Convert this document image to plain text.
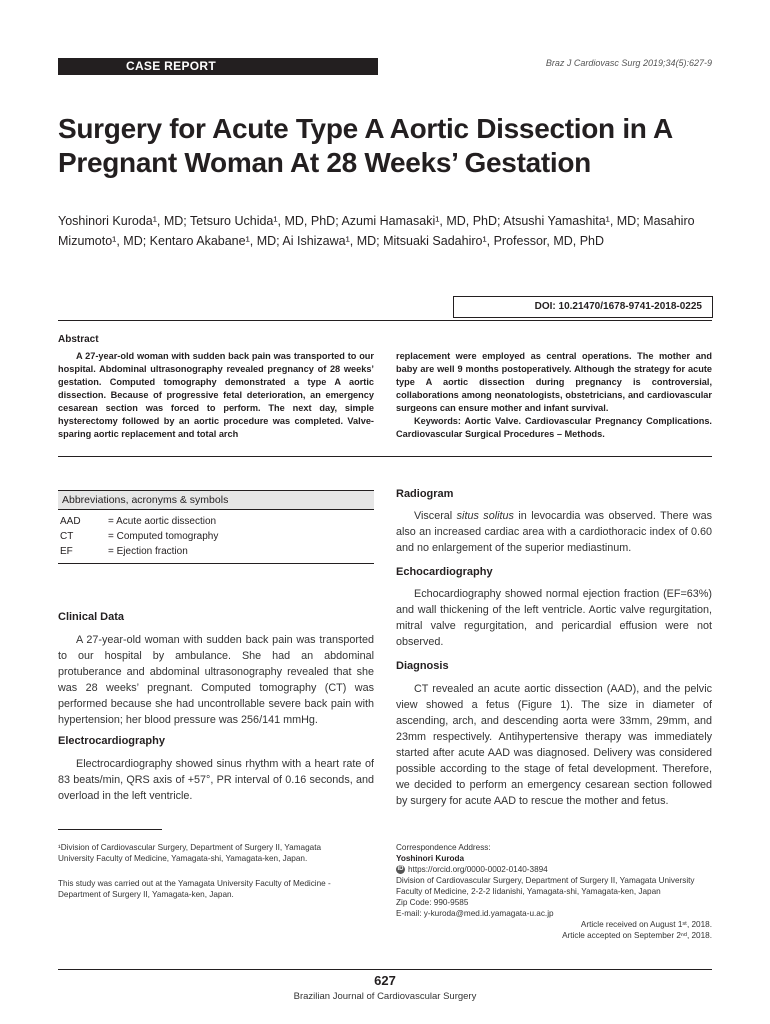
CASE REPORT	Braz J Cardiovasc Surg 2019;34(5):627-9
Surgery for Acute Type A Aortic Dissection in A Pregnant Woman At 28 Weeks’ Gestation
Yoshinori Kuroda¹, MD; Tetsuro Uchida¹, MD, PhD; Azumi Hamasaki¹, MD, PhD; Atsushi Yamashita¹, MD; Masahiro Mizumoto¹, MD; Kentaro Akabane¹, MD; Ai Ishizawa¹, MD; Mitsuaki Sadahiro¹, Professor, MD, PhD
DOI: 10.21470/1678-9741-2018-0225
Abstract
A 27-year-old woman with sudden back pain was transported to our hospital. Abdominal ultrasonography revealed pregnancy of 28 weeks’ gestation. Computed tomography demonstrated a type A aortic dissection. Because of progressive fetal deterioration, an emergency cesarean section was forced to perform. The next day, simple hysterectomy followed by an aortic procedure was completed. Valve-sparing aortic replacement and total arch
replacement were employed as central operations. The mother and baby are well 9 months postoperatively. Although the strategy for acute type A aortic dissection during pregnancy is controversial, collaborations among neonatologists, obstetricians, and cardiovascular surgeons can ensure mother and infant survival.
Keywords: Aortic Valve. Cardiovascular Pregnancy Complications. Cardiovascular Surgical Procedures – Methods.
Abbreviations, acronyms & symbols
AAD	= Acute aortic dissection
CT	= Computed tomography
EF	= Ejection fraction
Clinical Data
A 27-year-old woman with sudden back pain was transported to our hospital by ambulance. She had an abdominal protuberance and abdominal ultrasonography revealed that she was 28 weeks’ pregnant. Computed tomography (CT) was performed because she had uncontrollable severe back pain with hypertension; her blood pressure was 256/141 mmHg.
Electrocardiography
Electrocardiography showed sinus rhythm with a heart rate of 83 beats/min, QRS axis of +57°, PR interval of 0.16 seconds, and overload in the left ventricle.
Radiogram
Visceral situs solitus in levocardia was observed. There was also an increased cardiac area with a cardiothoracic index of 0.60 and no enlargement of the superior mediastinum.
Echocardiography
Echocardiography showed normal ejection fraction (EF=63%) and wall thickening of the left ventricle. Aortic valve regurgitation, mitral valve regurgitation, and pericardial effusion were not observed.
Diagnosis
CT revealed an acute aortic dissection (AAD), and the pelvic view showed a fetus (Figure 1). The size in diameter of ascending, arch, and descending aorta were 33mm, 29mm, and 23mm respectively. Antihypertensive therapy was immediately started after acute AAD was diagnosed. Delivery was considered possible according to the stage of fetal development. Therefore, we decided to perform an emergency cesarean section followed by surgery for acute AAD to rescue the mother and fetus.
¹Division of Cardiovascular Surgery, Department of Surgery II, Yamagata University Faculty of Medicine, Yamagata-shi, Yamagata-ken, Japan.
This study was carried out at the Yamagata University Faculty of Medicine - Department of Surgery II, Yamagata-ken, Japan.
Correspondence Address:
Yoshinori Kuroda
iD https://orcid.org/0000-0002-0140-3894
Division of Cardiovascular Surgery, Department of Surgery II, Yamagata University
Faculty of Medicine, 2-2-2 Iidanishi, Yamagata-shi, Yamagata-ken, Japan
Zip Code: 990-9585
E-mail: y-kuroda@med.id.yamagata-u.ac.jp
Article received on August 1ˢᵗ, 2018.
Article accepted on September 2ⁿᵈ, 2018.
627
Brazilian Journal of Cardiovascular Surgery
